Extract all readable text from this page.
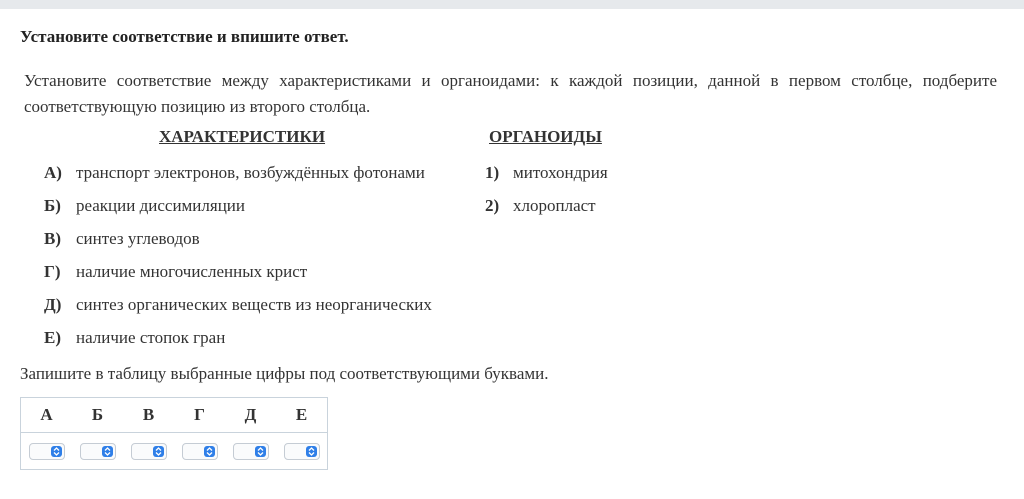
Установите соответствие и впишите ответ.
Установите соответствие между характеристиками и органоидами: к каждой позиции, данной в первом столбце, подберите соответствующую позицию из второго столбца.
ХАРАКТЕРИСТИКИ	ОРГАНОИДЫ
А) транспорт электронов, возбуждённых фотонами
Б) реакции диссимиляции
В) синтез углеводов
Г) наличие многочисленных крист
Д) синтез органических веществ из неорганических
Е) наличие стопок гран
1) митохондрия
2) хлоропласт
Запишите в таблицу выбранные цифры под соответствующими буквами.
А	Б	В	Г	Д	Е
